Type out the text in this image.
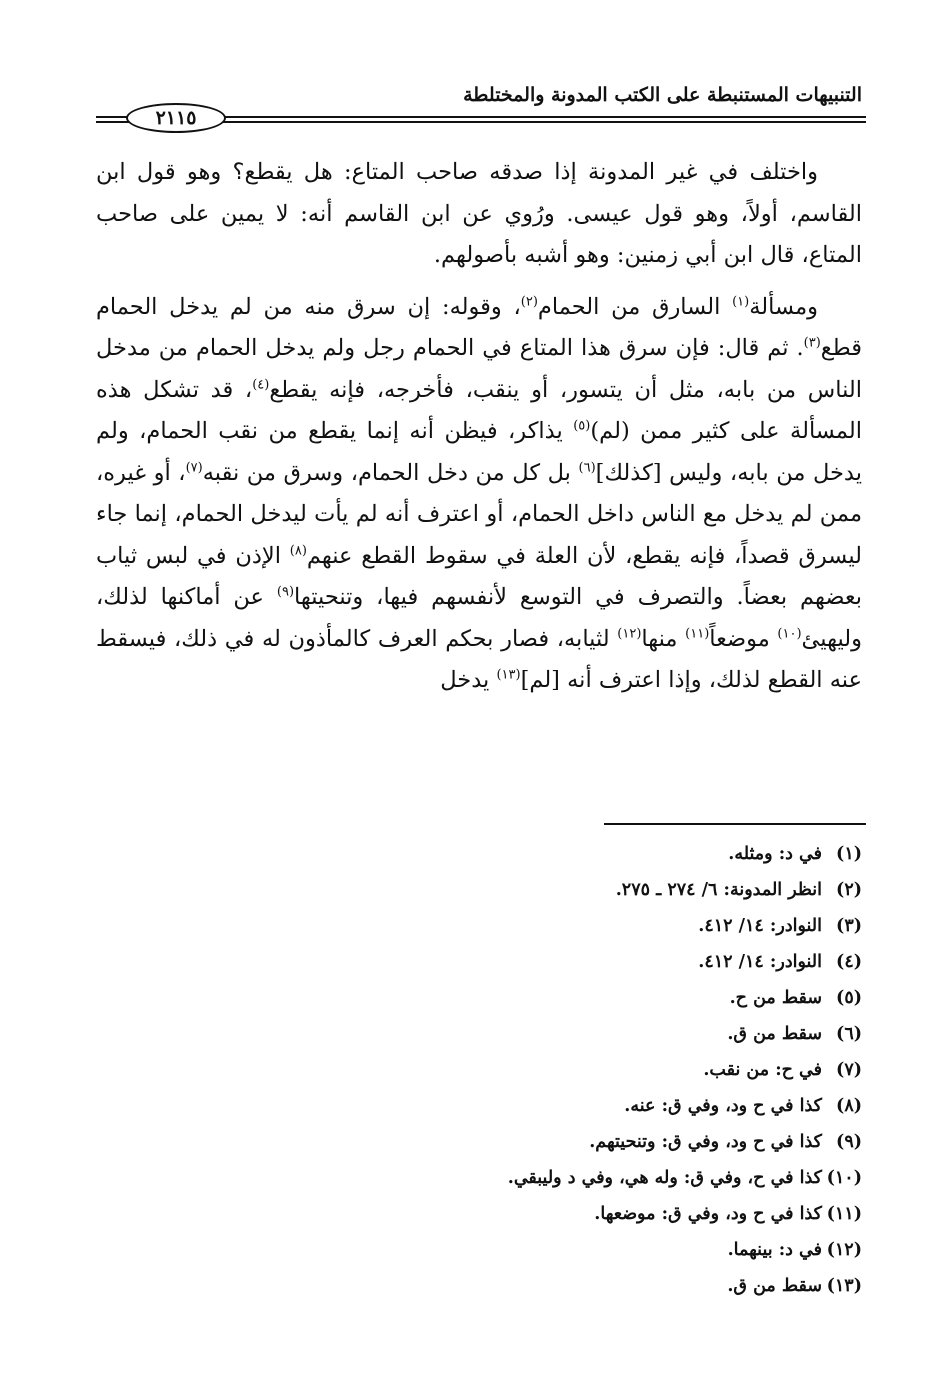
التنبيهات المستنبطة على الكتب المدونة والمختلطة
٢١١٥

واختلف في غير المدونة إذا صدقه صاحب المتاع: هل يقطع؟ وهو قول ابن القاسم، أولاً، وهو قول عيسى. ورُوي عن ابن القاسم أنه: لا يمين على صاحب المتاع، قال ابن أبي زمنين: وهو أشبه بأصولهم.

ومسألة$^{(١)}$ السارق من الحمام$^{(٢)}$، وقوله: إن سرق منه من لم يدخل الحمام قطع$^{(٣)}$. ثم قال: فإن سرق هذا المتاع في الحمام رجل ولم يدخل الحمام من مدخل الناس من بابه، مثل أن يتسور، أو ينقب، فأخرجه، فإنه يقطع$^{(٤)}$، قد تشكل هذه المسألة على كثير ممن (لم)$^{(٥)}$ يذاكر، فيظن أنه إنما يقطع من نقب الحمام، ولم يدخل من بابه، وليس [كذلك]$^{(٦)}$ بل كل من دخل الحمام، وسرق من نقبه$^{(٧)}$، أو غيره، ممن لم يدخل مع الناس داخل الحمام، أو اعترف أنه لم يأت ليدخل الحمام، إنما جاء ليسرق قصداً، فإنه يقطع، لأن العلة في سقوط القطع عنهم$^{(٨)}$ الإذن في لبس ثياب بعضهم بعضاً. والتصرف في التوسع لأنفسهم فيها، وتنحيتها$^{(٩)}$ عن أماكنها لذلك، وليهيئ$^{(١٠)}$ موضعاً$^{(١١)}$ منها$^{(١٢)}$ لثيابه، فصار بحكم العرف كالمأذون له في ذلك، فيسقط عنه القطع لذلك، وإذا اعترف أنه [لم]$^{(١٣)}$ يدخل

(١)في د: ومثله.
(٢)انظر المدونة: ٦/ ٢٧٤ ـ ٢٧٥.
(٣)النوادر: ١٤/ ٤١٢.
(٤)النوادر: ١٤/ ٤١٢.
(٥)سقط من ح.
(٦)سقط من ق.
(٧)في ح: من نقب.
(٨)كذا في ح ود، وفي ق: عنه.
(٩)كذا في ح ود، وفي ق: وتنحيتهم.
(١٠)كذا في ح، وفي ق: وله هي، وفي د وليبقي.
(١١)كذا في ح ود، وفي ق: موضعها.
(١٢)في د: بينهما.
(١٣)سقط من ق.
